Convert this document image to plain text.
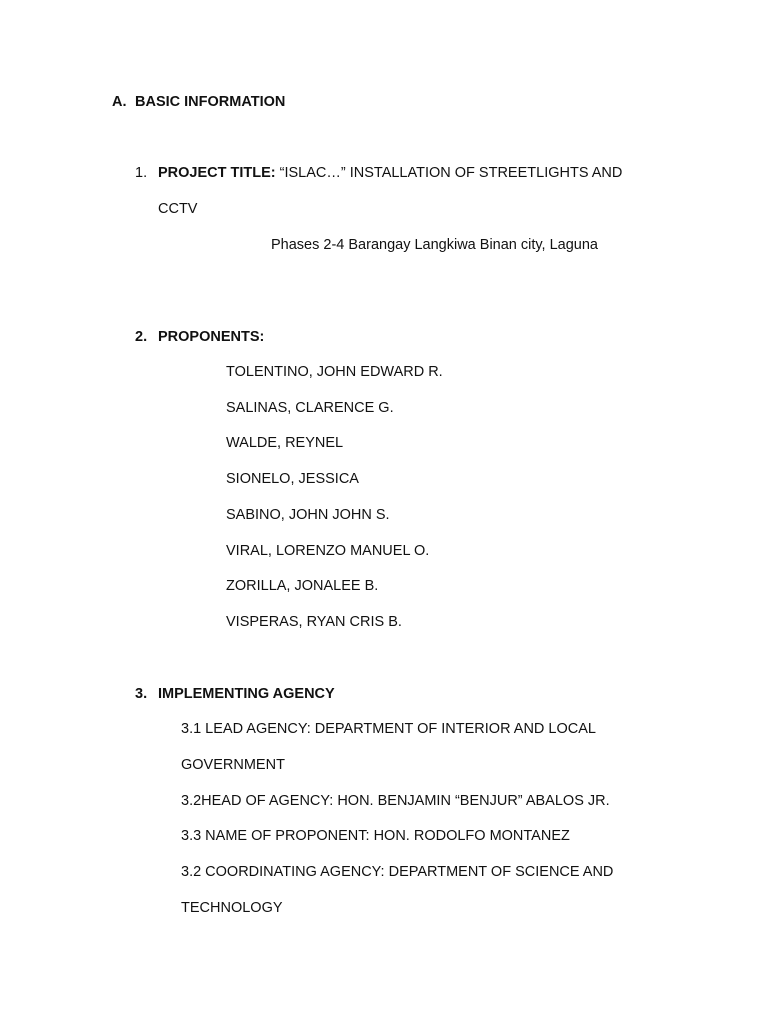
A. BASIC INFORMATION
1. PROJECT TITLE: “ISLAC…” INSTALLATION OF STREETLIGHTS AND
CCTV
Phases 2-4 Barangay Langkiwa Binan city, Laguna
2. PROPONENTS:
TOLENTINO, JOHN EDWARD R.
SALINAS, CLARENCE G.
WALDE, REYNEL
SIONELO, JESSICA
SABINO, JOHN JOHN S.
VIRAL, LORENZO MANUEL O.
ZORILLA, JONALEE B.
VISPERAS, RYAN CRIS B.
3. IMPLEMENTING AGENCY
3.1 LEAD AGENCY: DEPARTMENT OF INTERIOR AND LOCAL
GOVERNMENT
3.2HEAD OF AGENCY: HON. BENJAMIN “BENJUR” ABALOS JR.
3.3 NAME OF PROPONENT: HON. RODOLFO MONTANEZ
3.2 COORDINATING AGENCY: DEPARTMENT OF SCIENCE AND
TECHNOLOGY
